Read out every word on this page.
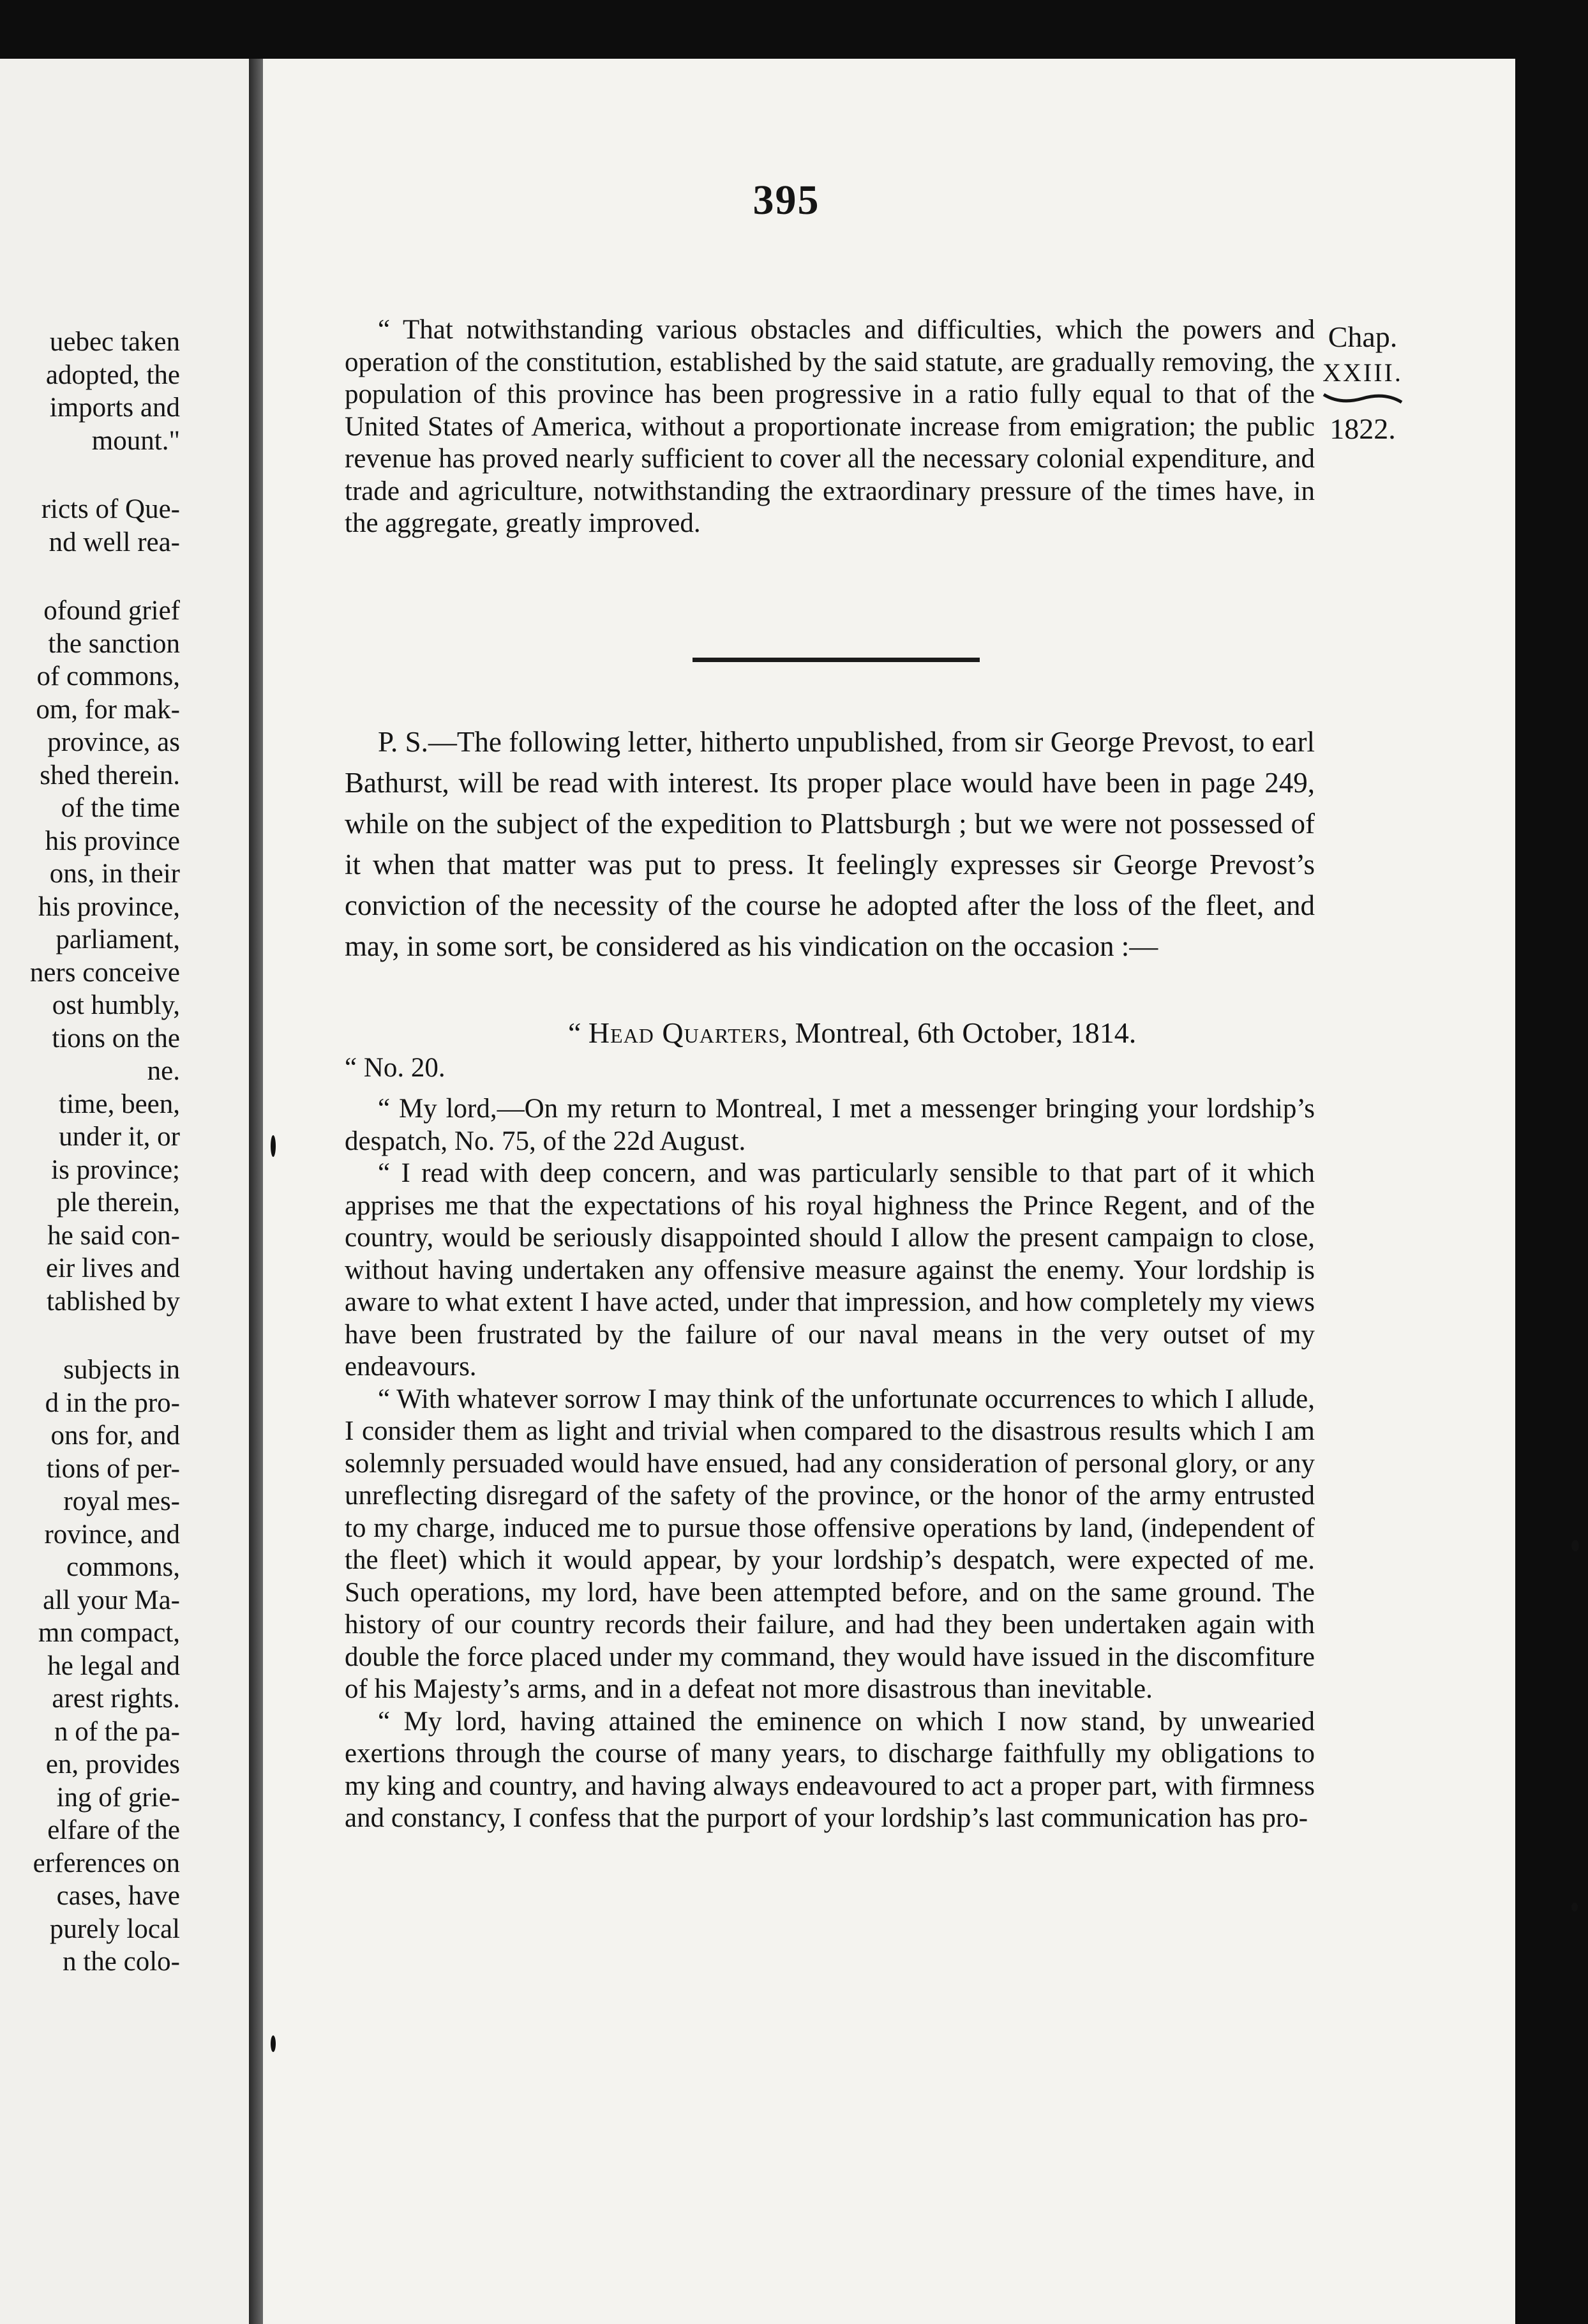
uebec taken
adopted, the
imports and
mount."
ricts of Que-
nd well rea-
ofound grief
the sanction
of commons,
om, for mak-
province, as
shed therein.
of the time
his province
ons, in their
his province,
parliament,
ners conceive
ost humbly,
tions on the
ne.
time, been,
under it, or
is province;
ple therein,
he said con-
eir lives and
tablished by
subjects in
d in the pro-
ons for, and
tions of per-
royal mes-
rovince, and
commons,
all your Ma-
mn compact,
he legal and
arest rights.
n of the pa-
en, provides
ing of grie-
elfare of the
erferences on
cases, have
purely local
n the colo-
395
Chap.
XXIII.
1822.

“ That notwithstanding various obstacles and difficulties, which the powers and operation of the constitution, established by the said statute, are gradually removing, the population of this province has been progressive in a ratio fully equal to that of the United States of America, without a proportionate increase from emigration; the public revenue has proved nearly sufficient to cover all the necessary colonial expenditure, and trade and agriculture, notwithstanding the extraordinary pressure of the times have, in the aggregate, greatly improved.

P. S.—The following letter, hitherto unpublished, from sir George Prevost, to earl Bathurst, will be read with interest. Its proper place would have been in page 249, while on the subject of the expedition to Plattsburgh ; but we were not possessed of it when that matter was put to press. It feelingly expresses sir George Prevost’s conviction of the necessity of the course he adopted after the loss of the fleet, and may, in some sort, be considered as his vindication on the occasion :—

“ Head Quarters, Montreal, 6th October, 1814.
“ No. 20.

“ My lord,—On my return to Montreal, I met a messenger bringing your lordship’s despatch, No. 75, of the 22d August.

“ I read with deep concern, and was particularly sensible to that part of it which apprises me that the expectations of his royal highness the Prince Regent, and of the country, would be seriously disappointed should I allow the present campaign to close, without having undertaken any offensive measure against the enemy. Your lordship is aware to what extent I have acted, under that impression, and how completely my views have been frustrated by the failure of our naval means in the very outset of my endeavours.

“ With whatever sorrow I may think of the unfortunate occurrences to which I allude, I consider them as light and trivial when compared to the disastrous results which I am solemnly persuaded would have ensued, had any consideration of personal glory, or any unreflecting disregard of the safety of the province, or the honor of the army entrusted to my charge, induced me to pursue those offensive operations by land, (independent of the fleet) which it would appear, by your lordship’s despatch, were expected of me. Such operations, my lord, have been attempted before, and on the same ground. The history of our country records their failure, and had they been undertaken again with double the force placed under my command, they would have issued in the discomfiture of his Majesty’s arms, and in a defeat not more disastrous than inevitable.

“ My lord, having attained the eminence on which I now stand, by unwearied exertions through the course of many years, to discharge faithfully my obligations to my king and country, and having always endeavoured to act a proper part, with firmness and constancy, I confess that the purport of your lordship’s last communication has pro-
